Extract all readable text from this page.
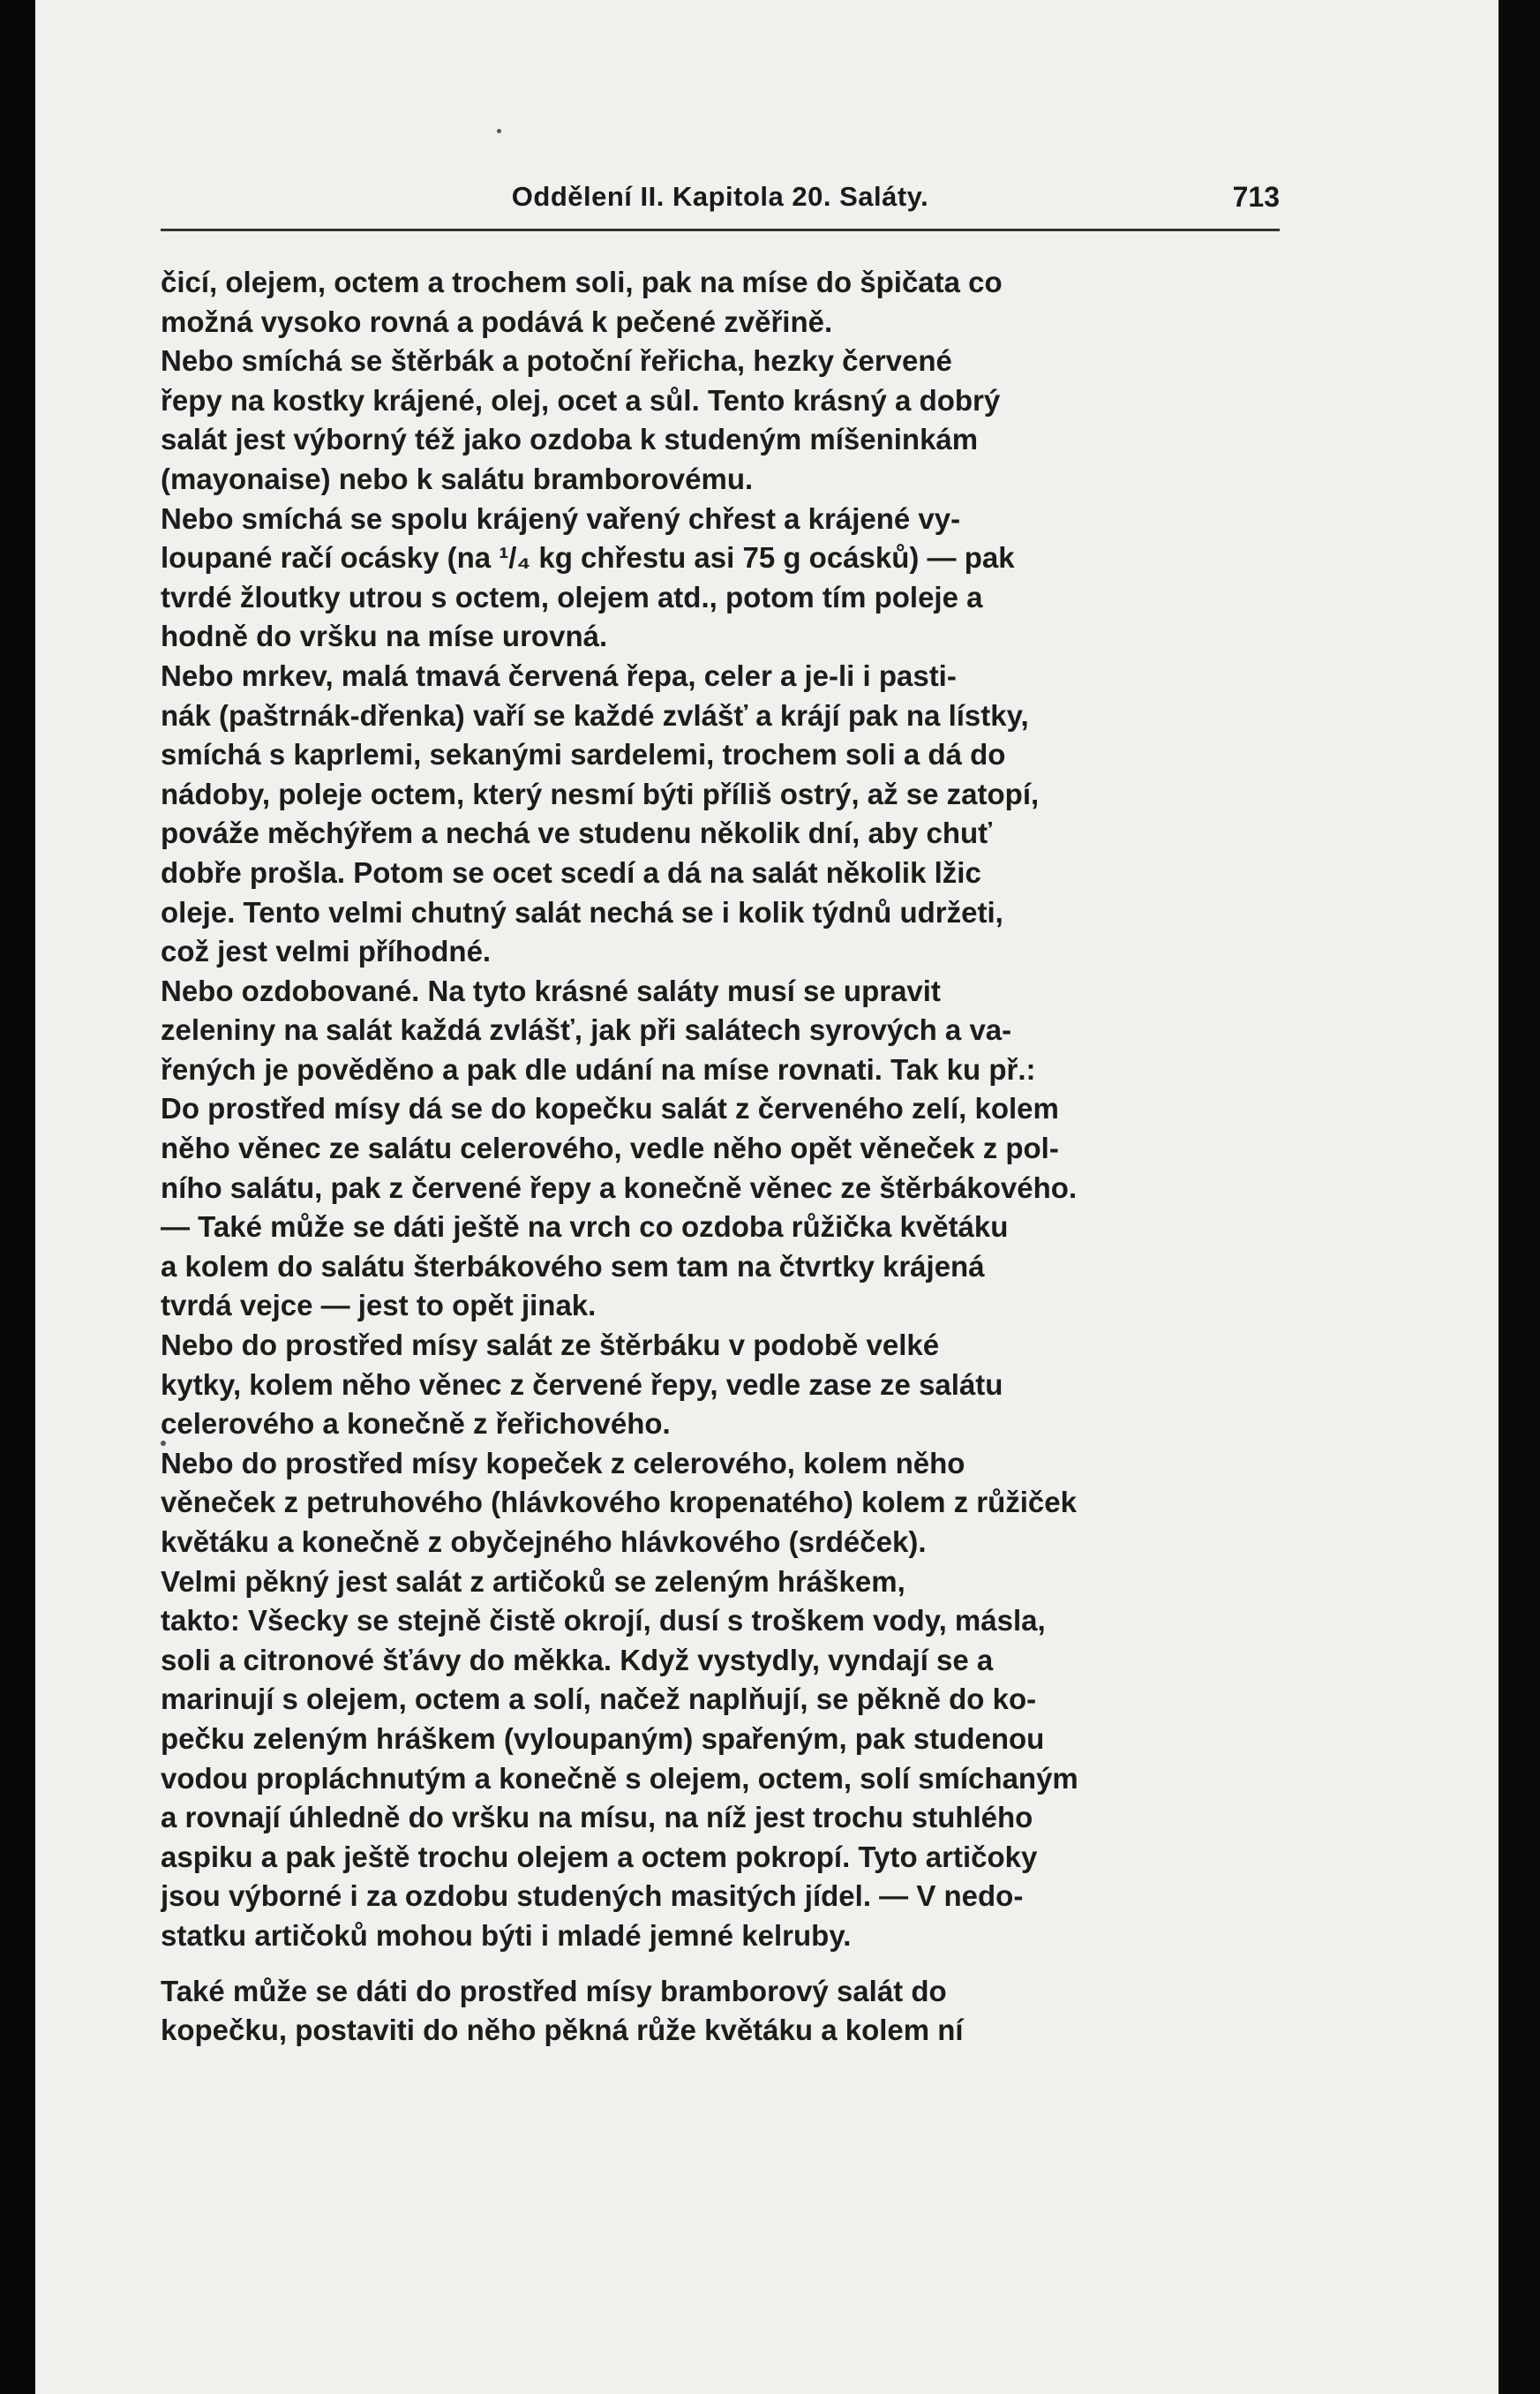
Oddělení II. Kapitola 20. Saláty.	713
čicí, olejem, octem a trochem soli, pak na míse do špičata co
možná vysoko rovná a podává k pečené zvěřině.
Nebo smíchá se štěrbák a potoční řeřicha, hezky červené
řepy na kostky krájené, olej, ocet a sůl. Tento krásný a dobrý
salát jest výborný též jako ozdoba k studeným míšeninkám
(mayonaise) nebo k salátu bramborovému.
Nebo smíchá se spolu krájený vařený chřest a krájené vy-
loupané račí ocásky (na ¹/₄ kg chřestu asi 75 g ocásků) — pak
tvrdé žloutky utrou s octem, olejem atd., potom tím poleje a
hodně do vršku na míse urovná.
Nebo mrkev, malá tmavá červená řepa, celer a je-li i pasti-
nák (paštrnák-dřenka) vaří se každé zvlášť a krájí pak na lístky,
smíchá s kaprlemi, sekanými sardelemi, trochem soli a dá do
nádoby, poleje octem, který nesmí býti příliš ostrý, až se zatopí,
pováže měchýřem a nechá ve studenu několik dní, aby chuť
dobře prošla. Potom se ocet scedí a dá na salát několik lžic
oleje. Tento velmi chutný salát nechá se i kolik týdnů udržeti,
což jest velmi příhodné.
Nebo ozdobované. Na tyto krásné saláty musí se upravit
zeleniny na salát každá zvlášť, jak při salátech syrových a va-
řených je pověděno a pak dle udání na míse rovnati. Tak ku př.:
Do prostřed mísy dá se do kopečku salát z červeného zelí, kolem
něho věnec ze salátu celerového, vedle něho opět věneček z pol-
ního salátu, pak z červené řepy a konečně věnec ze štěrbákového.
— Také může se dáti ještě na vrch co ozdoba růžička květáku
a kolem do salátu šterbákového sem tam na čtvrtky krájená
tvrdá vejce — jest to opět jinak.
Nebo do prostřed mísy salát ze štěrbáku v podobě velké
kytky, kolem něho věnec z červené řepy, vedle zase ze salátu
celerového a konečně z řeřichového.
Nebo do prostřed mísy kopeček z celerového, kolem něho
věneček z petruhového (hlávkového kropenatého) kolem z růžiček
květáku a konečně z obyčejného hlávkového (srdéček).
Velmi pěkný jest salát z artičoků se zeleným hráškem,
takto: Všecky se stejně čistě okrojí, dusí s troškem vody, másla,
soli a citronové šťávy do měkka. Když vystydly, vyndají se a
marinují s olejem, octem a solí, načež naplňují, se pěkně do ko-
pečku zeleným hráškem (vyloupaným) spařeným, pak studenou
vodou propláchnutým a konečně s olejem, octem, solí smíchaným
a rovnají úhledně do vršku na mísu, na níž jest trochu stuhlého
aspiku a pak ještě trochu olejem a octem pokropí. Tyto artičoky
jsou výborné i za ozdobu studených masitých jídel. — V nedo-
statku artičoků mohou býti i mladé jemné kelruby.
Také může se dáti do prostřed mísy bramborový salát do
kopečku, postaviti do něho pěkná růže květáku a kolem ní
